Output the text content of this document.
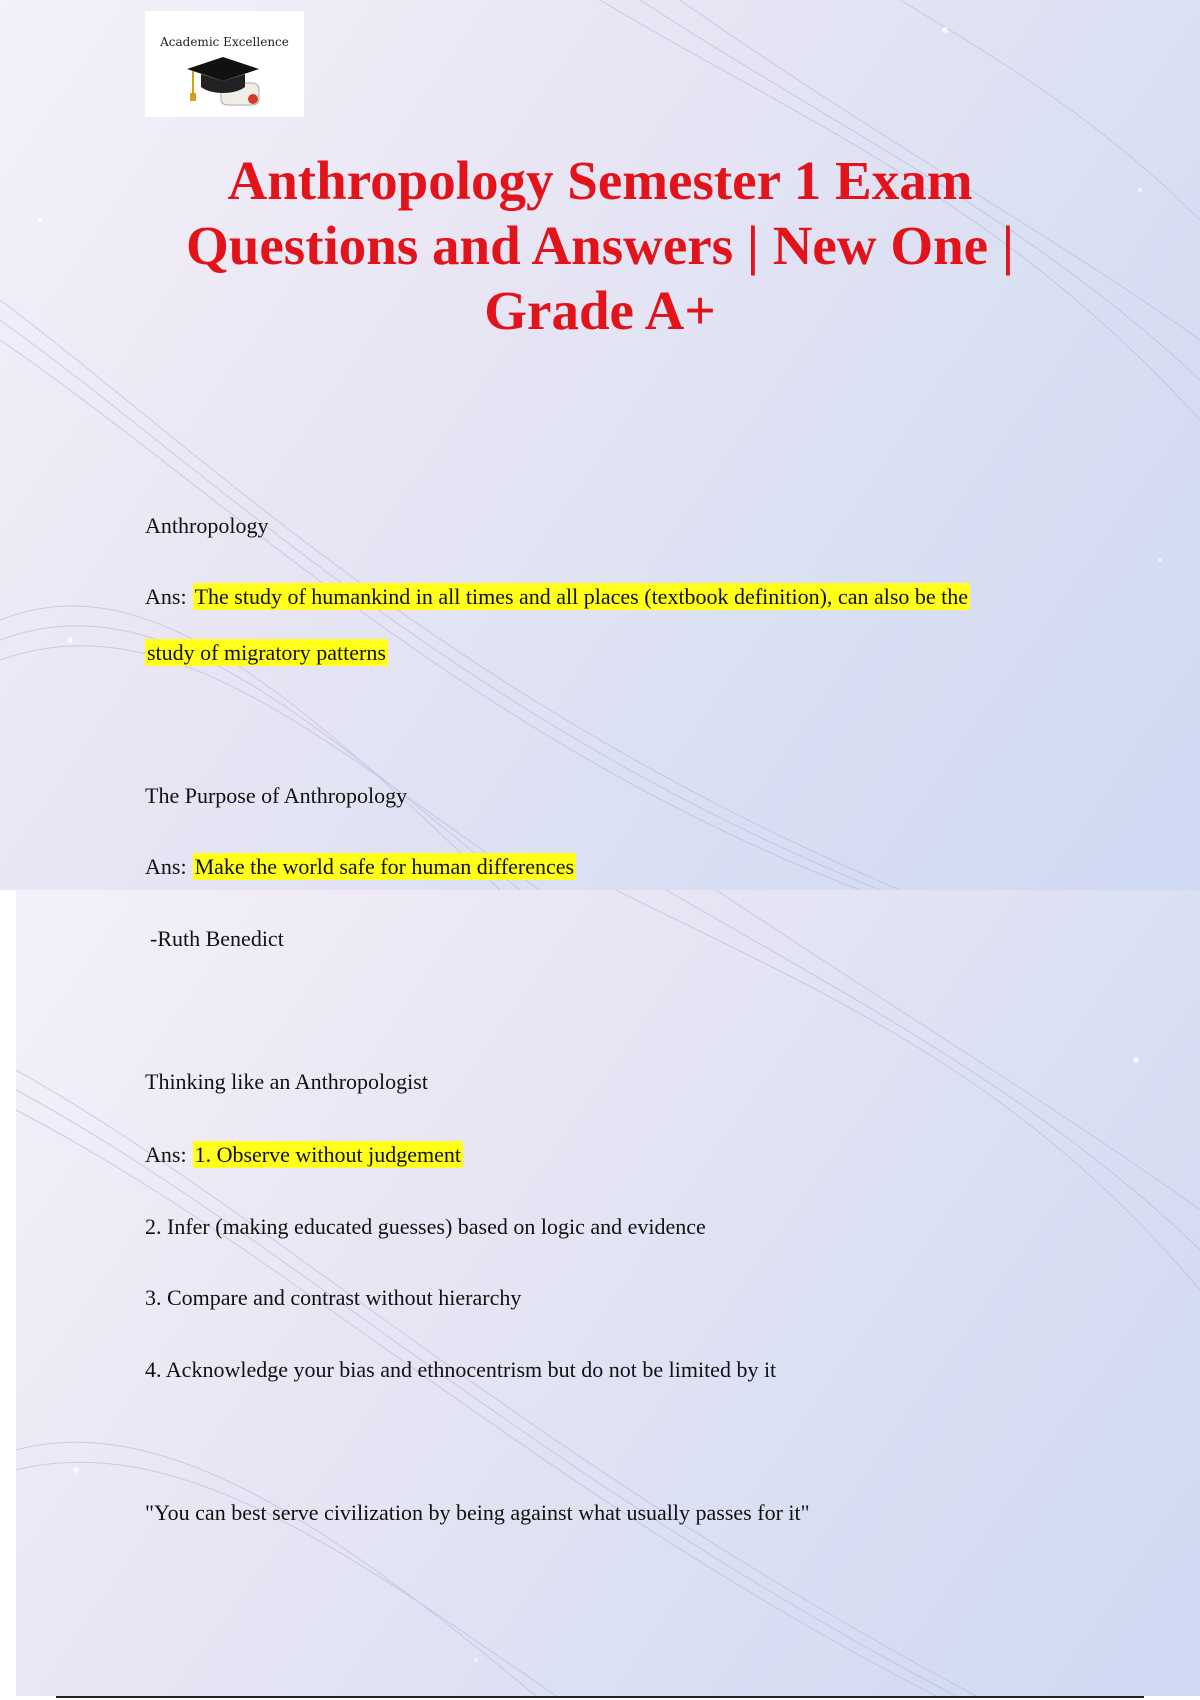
Academic Excellence
Anthropology Semester 1 Exam Questions and Answers | New One | Grade A+
Anthropology
Ans: The study of humankind in all times and all places (textbook definition), can also be the
study of migratory patterns
The Purpose of Anthropology
Ans: Make the world safe for human differences
-Ruth Benedict
Thinking like an Anthropologist
Ans: 1. Observe without judgement
2. Infer (making educated guesses) based on logic and evidence
3. Compare and contrast without hierarchy
4. Acknowledge your bias and ethnocentrism but do not be limited by it
"You can best serve civilization by being against what usually passes for it"
